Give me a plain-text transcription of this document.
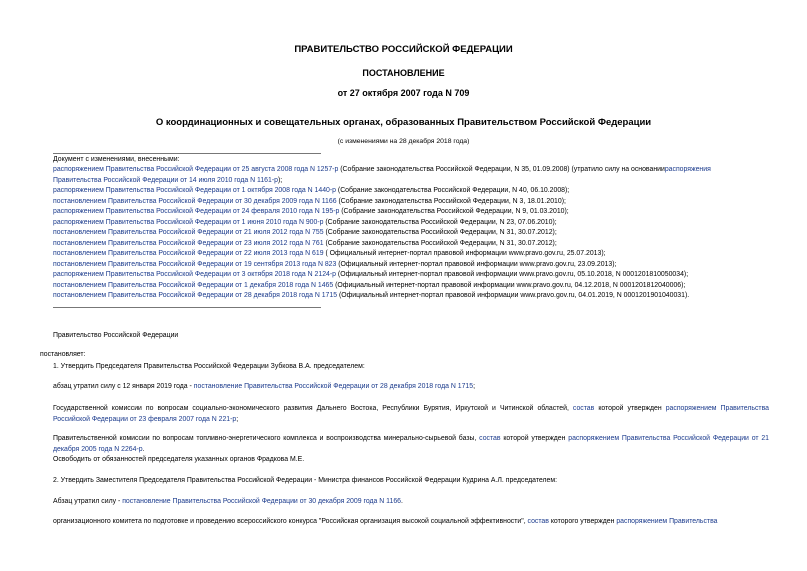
ПРАВИТЕЛЬСТВО РОССИЙСКОЙ ФЕДЕРАЦИИ
ПОСТАНОВЛЕНИЕ
от 27 октября 2007 года N 709
О координационных и совещательных органах, образованных Правительством Российской Федерации
(с изменениями на 28 декабря 2018 года)
Документ с изменениями, внесенными:
распоряжением Правительства Российской Федерации от 25 августа 2008 года N 1257-р (Собрание законодательства Российской Федерации, N 35, 01.09.2008) (утратило силу на основаниираспоряжения
Правительства Российской Федерации от 14 июля 2010 года N 1161-р);
распоряжением Правительства Российской Федерации от 1 октября 2008 года N 1440-р (Собрание законодательства Российской Федерации, N 40, 06.10.2008);
постановлением Правительства Российской Федерации от 30 декабря 2009 года N 1166 (Собрание законодательства Российской Федерации, N 3, 18.01.2010);
распоряжением Правительства Российской Федерации от 24 февраля 2010 года N 195-р (Собрание законодательства Российской Федерации, N 9, 01.03.2010);
распоряжением Правительства Российской Федерации от 1 июня 2010 года N 900-р (Собрание законодательства Российской Федерации, N 23, 07.06.2010);
постановлением Правительства Российской Федерации от 21 июля 2012 года N 755 (Собрание законодательства Российской Федерации, N 31, 30.07.2012);
постановлением Правительства Российской Федерации от 23 июля 2012 года N 761 (Собрание законодательства Российской Федерации, N 31, 30.07.2012);
постановлением Правительства Российской Федерации от 22 июля 2013 года N 619 ( Официальный интернет-портал правовой информации www.pravo.gov.ru, 25.07.2013);
постановлением Правительства Российской Федерации от 19 сентября 2013 года N 823 (Официальный интернет-портал правовой информации www.pravo.gov.ru, 23.09.2013);
распоряжением Правительства Российской Федерации от 3 октября 2018 года N 2124-р (Официальный интернет-портал правовой информации www.pravo.gov.ru, 05.10.2018, N 0001201810050034);
постановлением Правительства Российской Федерации от 1 декабря 2018 года N 1465 (Официальный интернет-портал правовой информации www.pravo.gov.ru, 04.12.2018, N 0001201812040006);
постановлением Правительства Российской Федерации от 28 декабря 2018 года N 1715 (Официальный интернет-портал правовой информации www.pravo.gov.ru, 04.01.2019, N 0001201901040031).
Правительство Российской Федерации
постановляет:
1. Утвердить Председателя Правительства Российской Федерации Зубкова В.А. председателем:
абзац утратил силу с 12 января 2019 года - постановление Правительства Российской Федерации от 28 декабря 2018 года N 1715;
Государственной комиссии по вопросам социально-экономического развития Дальнего Востока, Республики Бурятия, Иркутской и Читинской областей, состав которой утвержден распоряжением Правительства Российской Федерации от 23 февраля 2007 года N 221-р;
Правительственной комиссии по вопросам топливно-энергетического комплекса и воспроизводства минерально-сырьевой базы, состав которой утвержден распоряжением Правительства Российской Федерации от 21 декабря 2005 года N 2264-р.
Освободить от обязанностей председателя указанных органов Фрадкова М.Е.
2. Утвердить Заместителя Председателя Правительства Российской Федерации - Министра финансов Российской Федерации Кудрина А.Л. председателем:
Абзац утратил силу - постановление Правительства Российской Федерации от 30 декабря 2009 года N 1166.
организационного комитета по подготовке и проведению всероссийского конкурса "Российская организация высокой социальной эффективности", состав которого утвержден распоряжением Правительства
